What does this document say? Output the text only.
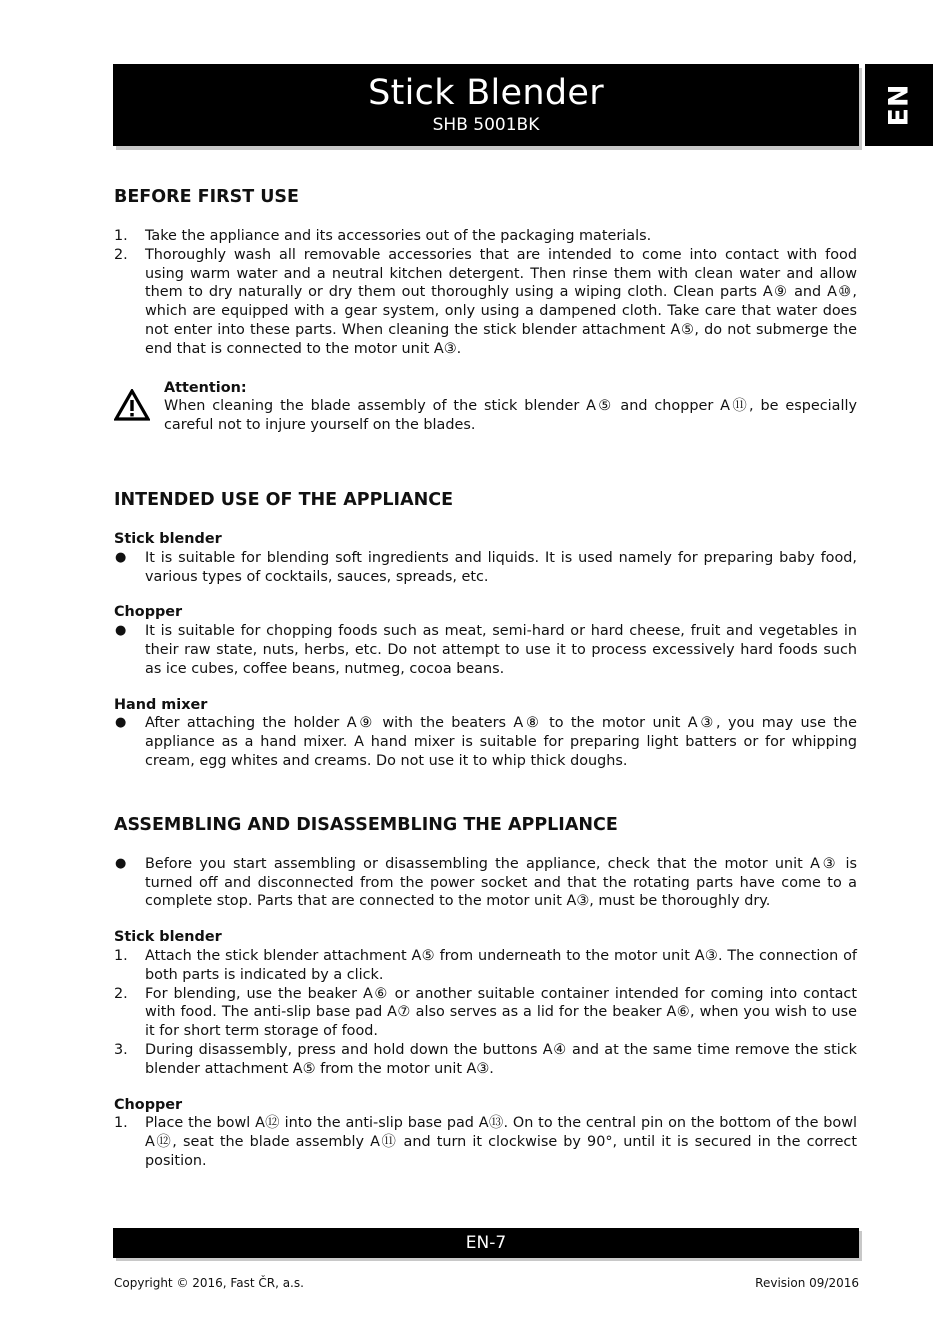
Stick Blender
SHB 5001BK	EN
BEFORE FIRST USE
1. Take the appliance and its accessories out of the packaging materials.
2. Thoroughly wash all removable accessories that are intended to come into contact with food using warm water and a neutral kitchen detergent. Then rinse them with clean water and allow them to dry naturally or dry them out thoroughly using a wiping cloth. Clean parts A⑨ and A⑩, which are equipped with a gear system, only using a dampened cloth. Take care that water does not enter into these parts. When cleaning the stick blender attachment A⑤, do not submerge the end that is connected to the motor unit A③.
Attention:
When cleaning the blade assembly of the stick blender A⑤ and chopper A⑪, be especially careful not to injure yourself on the blades.
INTENDED USE OF THE APPLIANCE
Stick blender
● It is suitable for blending soft ingredients and liquids. It is used namely for preparing baby food, various types of cocktails, sauces, spreads, etc.
Chopper
● It is suitable for chopping foods such as meat, semi-hard or hard cheese, fruit and vegetables in their raw state, nuts, herbs, etc. Do not attempt to use it to process excessively hard foods such as ice cubes, coffee beans, nutmeg, cocoa beans.
Hand mixer
● After attaching the holder A⑨ with the beaters A⑧ to the motor unit A③, you may use the appliance as a hand mixer. A hand mixer is suitable for preparing light batters or for whipping cream, egg whites and creams. Do not use it to whip thick doughs.
ASSEMBLING AND DISASSEMBLING THE APPLIANCE
● Before you start assembling or disassembling the appliance, check that the motor unit A③ is turned off and disconnected from the power socket and that the rotating parts have come to a complete stop. Parts that are connected to the motor unit A③, must be thoroughly dry.
Stick blender
1. Attach the stick blender attachment A⑤ from underneath to the motor unit A③. The connection of both parts is indicated by a click.
2. For blending, use the beaker A⑥ or another suitable container intended for coming into contact with food. The anti-slip base pad A⑦ also serves as a lid for the beaker A⑥, when you wish to use it for short term storage of food.
3. During disassembly, press and hold down the buttons A④ and at the same time remove the stick blender attachment A⑤ from the motor unit A③.
Chopper
1. Place the bowl A⑫ into the anti-slip base pad A⑬. On to the central pin on the bottom of the bowl A⑫, seat the blade assembly A⑪ and turn it clockwise by 90°, until it is secured in the correct position.
EN-7
Copyright © 2016, Fast ČR, a.s.	Revision 09/2016
